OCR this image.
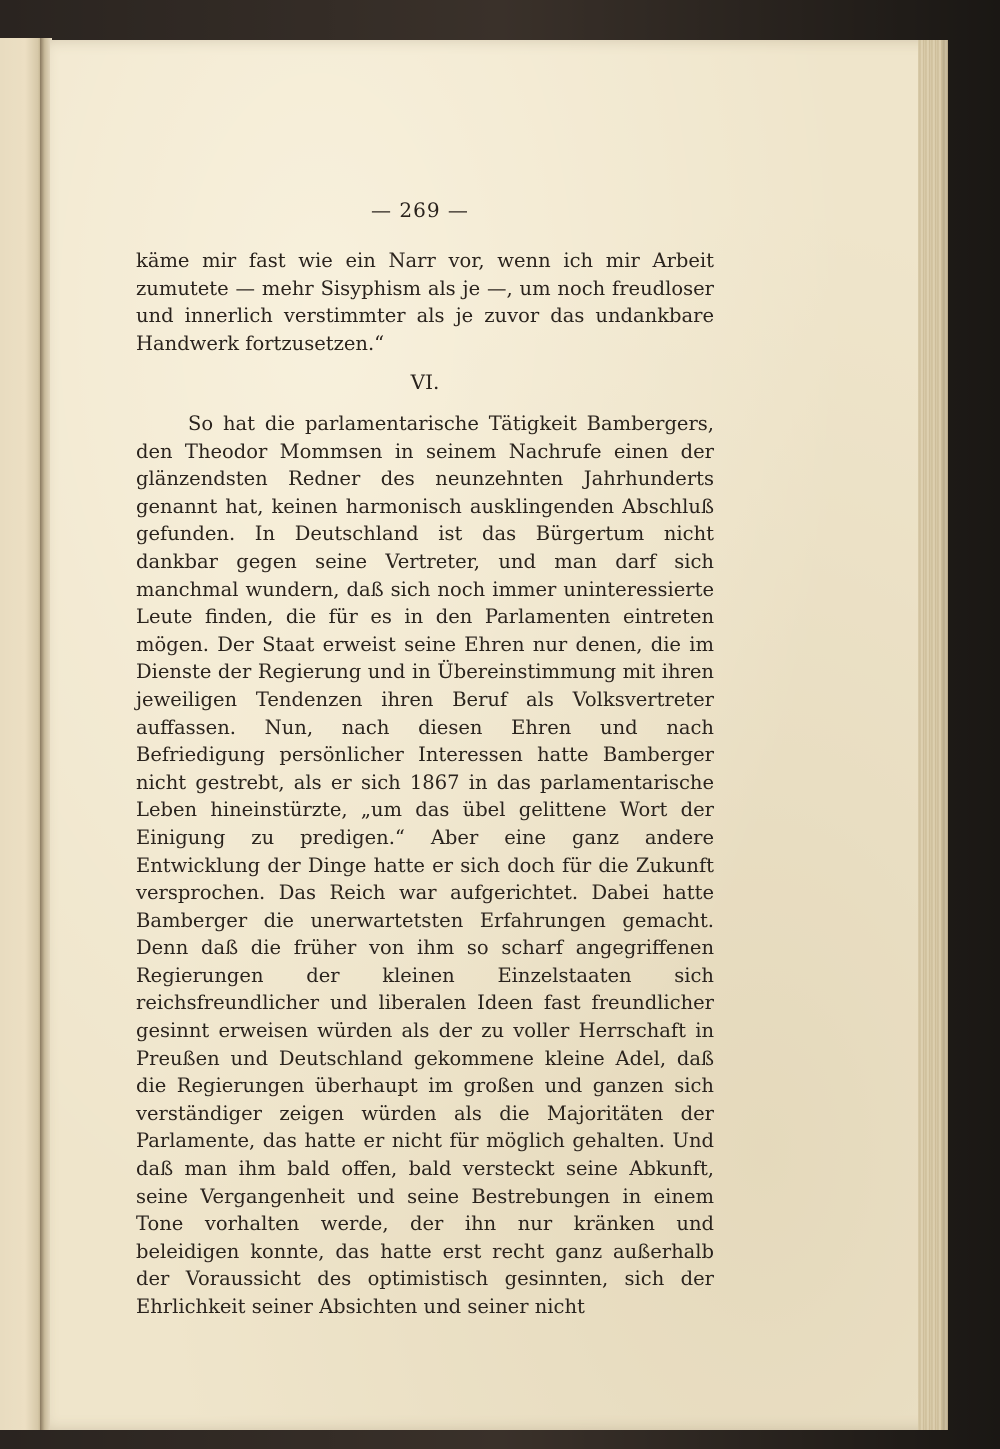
— 269 —

käme mir fast wie ein Narr vor, wenn ich mir Arbeit zumutete — mehr Sisyphism als je —, um noch freudloser und innerlich verstimmter als je zuvor das undankbare Handwerk fortzusetzen.“

VI.

So hat die parlamentarische Tätigkeit Bambergers, den Theodor Mommsen in seinem Nachrufe einen der glänzendsten Redner des neunzehnten Jahrhunderts genannt hat, keinen harmonisch ausklingenden Abschluß gefunden. In Deutschland ist das Bürgertum nicht dankbar gegen seine Vertreter, und man darf sich manchmal wundern, daß sich noch immer uninteressierte Leute finden, die für es in den Parlamenten eintreten mögen. Der Staat erweist seine Ehren nur denen, die im Dienste der Regierung und in Übereinstimmung mit ihren jeweiligen Tendenzen ihren Beruf als Volksvertreter auffassen. Nun, nach diesen Ehren und nach Befriedigung persönlicher Interessen hatte Bamberger nicht gestrebt, als er sich 1867 in das parlamentarische Leben hineinstürzte, „um das übel gelittene Wort der Einigung zu predigen.“ Aber eine ganz andere Entwicklung der Dinge hatte er sich doch für die Zukunft versprochen. Das Reich war aufgerichtet. Dabei hatte Bamberger die unerwartetsten Erfahrungen gemacht. Denn daß die früher von ihm so scharf angegriffenen Regierungen der kleinen Einzelstaaten sich reichsfreundlicher und liberalen Ideen fast freundlicher gesinnt erweisen würden als der zu voller Herrschaft in Preußen und Deutschland gekommene kleine Adel, daß die Regierungen überhaupt im großen und ganzen sich verständiger zeigen würden als die Majoritäten der Parlamente, das hatte er nicht für möglich gehalten. Und daß man ihm bald offen, bald versteckt seine Abkunft, seine Vergangenheit und seine Bestrebungen in einem Tone vorhalten werde, der ihn nur kränken und beleidigen konnte, das hatte erst recht ganz außerhalb der Voraussicht des optimistisch gesinnten, sich der Ehrlichkeit seiner Absichten und seiner nicht
